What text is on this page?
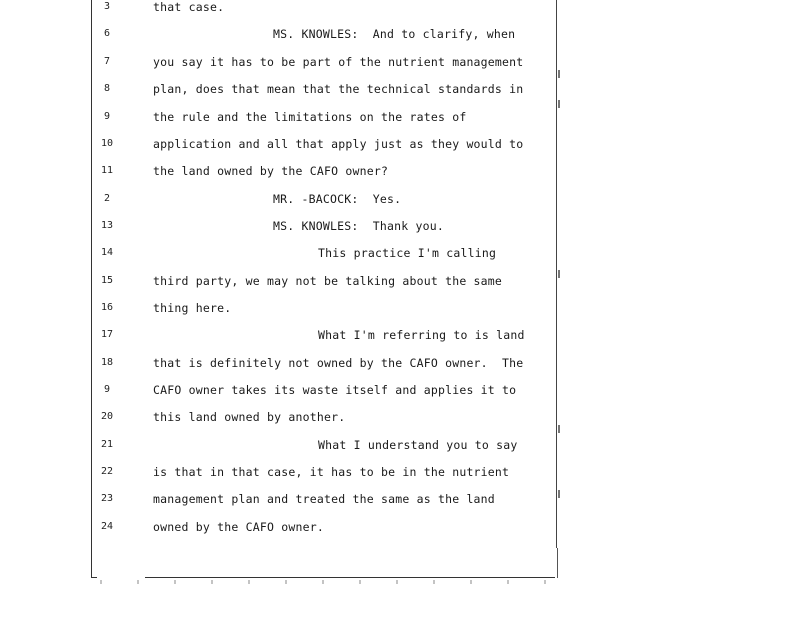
3	that case.
6	MS. KNOWLES:  And to clarify, when
7	you say it has to be part of the nutrient management
8	plan, does that mean that the technical standards in
9	the rule and the limitations on the rates of
10	application and all that apply just as they would to
11	the land owned by the CAFO owner?
2	MR. -BACOCK:  Yes.
13	MS. KNOWLES:  Thank you.
14	This practice I'm calling
15	third party, we may not be talking about the same
16	thing here.
17	What I'm referring to is land
18	that is definitely not owned by the CAFO owner.  The
9	CAFO owner takes its waste itself and applies it to
20	this land owned by another.
21	What I understand you to say
22	is that in that case, it has to be in the nutrient
23	management plan and treated the same as the land
24	owned by the CAFO owner.
